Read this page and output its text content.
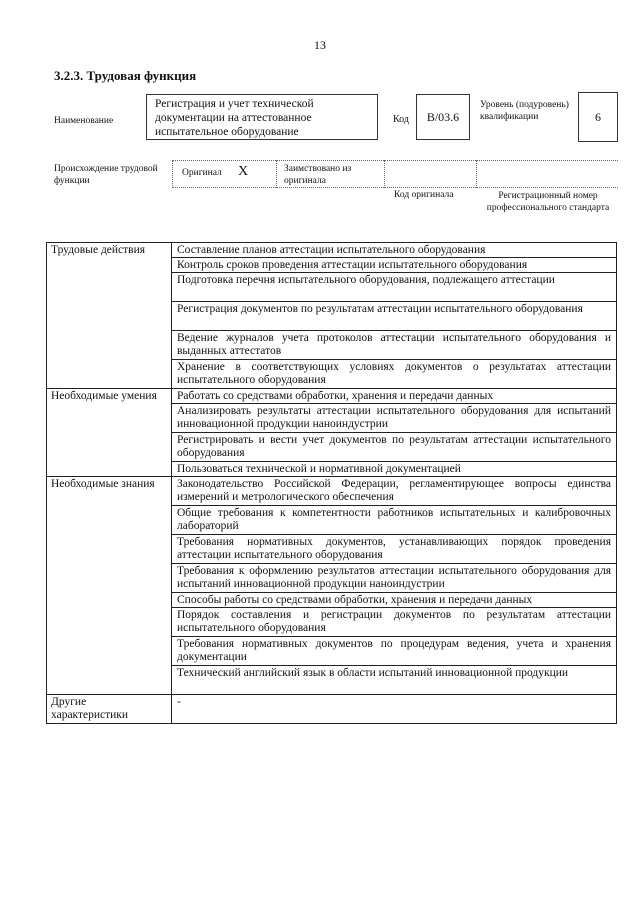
13
3.2.3. Трудовая функция
Наименование
Регистрация и учет технической документации на аттестованное испытательное оборудование
Код	В/03.6
Уровень (подуровень) квалификации	6
Происхождение трудовой функции
Оригинал X	Заимствовано из оригинала
Код оригинала	Регистрационный номер профессионального стандарта
Трудовые действия	Составление планов аттестации испытательного оборудования
	Контроль сроков проведения аттестации испытательного оборудования
	Подготовка перечня испытательного оборудования, подлежащего аттестации
	Регистрация документов по результатам аттестации испытательного оборудования
	Ведение журналов учета протоколов аттестации испытательного оборудования и выданных аттестатов
	Хранение в соответствующих условиях документов о результатах аттестации испытательного оборудования
Необходимые умения	Работать со средствами обработки, хранения и передачи данных
	Анализировать результаты аттестации испытательного оборудования для испытаний инновационной продукции наноиндустрии
	Регистрировать и вести учет документов по результатам аттестации испытательного оборудования
	Пользоваться технической и нормативной документацией
Необходимые знания	Законодательство Российской Федерации, регламентирующее вопросы единства измерений и метрологического обеспечения
	Общие требования к компетентности работников испытательных и калибровочных лабораторий
	Требования нормативных документов, устанавливающих порядок проведения аттестации испытательного оборудования
	Требования к оформлению результатов аттестации испытательного оборудования для испытаний инновационной продукции наноиндустрии
	Способы работы со средствами обработки, хранения и передачи данных
	Порядок составления и регистрации документов по результатам аттестации испытательного оборудования
	Требования нормативных документов по процедурам ведения, учета и хранения документации
	Технический английский язык в области испытаний инновационной продукции
Другие характеристики	-
